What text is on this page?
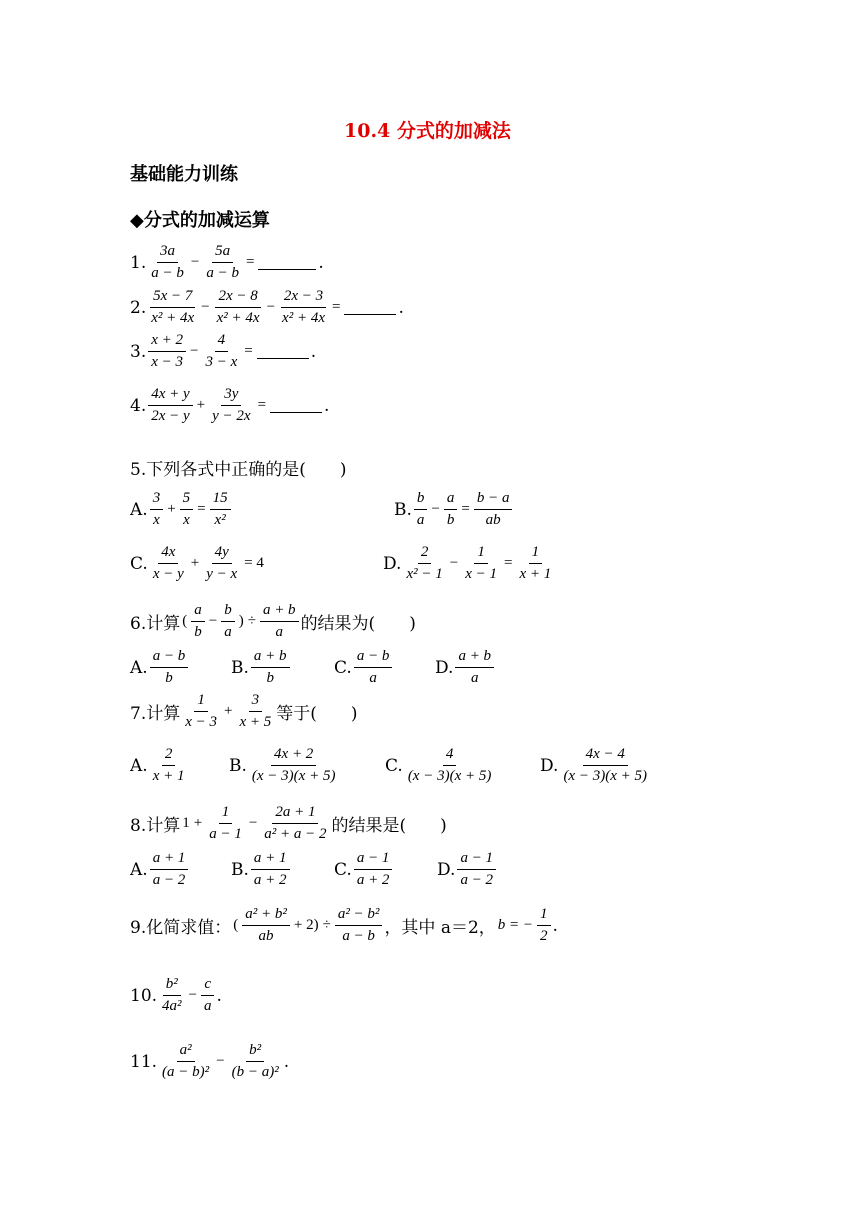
10.4 分式的加减法
基础能力训练
◆分式的加减运算
1.
3a
a − b
− $\frac{5a}{a - b}$ =	.
2.
5x − 7
x² + 4x
− $\frac{2x - 8}{\text{x² + 4x}} - \frac{2x - 3}{\text{x² + 4x}}$ =	.
3.
x + 2
x − 3
− $\frac{4}{3 - x}$ =	.
4.
4x + y
2x − y
+ $\frac{3y}{y - 2x}$ =	.
5.下列各式中正确的是(　　)
A.
3
x
+ $\frac{5}{x} = \frac{15}{\text{x²}}$	B.
b
a
− $\frac{a}{b} = \frac{b - a}{ab}$
C.
4x
x − y
+ $\frac{4y}{y - x} = 4$	D.
2
x² − 1
− $\frac{1}{x - 1} = \frac{1}{x + 1}$
6.计算 (
a
b
− $\frac{b}{a}$ ) ÷ $\frac{a + b}{a}$ 的结果为(　　)
A.
a − b
b
B.
a + b
b
C.
a − b
a
D.
a + b
a
7.计算
1
x − 3
+ $\frac{3}{x + 5}$ 等于(　　)
A.
2
x + 1
B.
4x + 2
(x − 3)(x + 5)
C.
4
(x − 3)(x + 5)
D.
4x − 4
(x − 3)(x + 5)
8.计算 $1 + \frac{1}{a - 1} - \frac{2a + 1}{\text{a² + a − 2}}$ 的结果是(　　)
A.
a + 1
a − 2
B.
a + 1
a + 2
C.
a − 1
a + 2
D.
a − 1
a − 2
9.化简求值： (
a² + b²
ab
+ $2) \div \frac{\text{a² − b²}}{a - b}$ ，其中 a＝2， b = − $\frac{1}{2}$ .
10.
b²
4a²
− $\frac{c}{a}$ .
11.
a²
(a − b)²
− $\frac{\text{b²}}{\text{(b − a)²}}$ .
